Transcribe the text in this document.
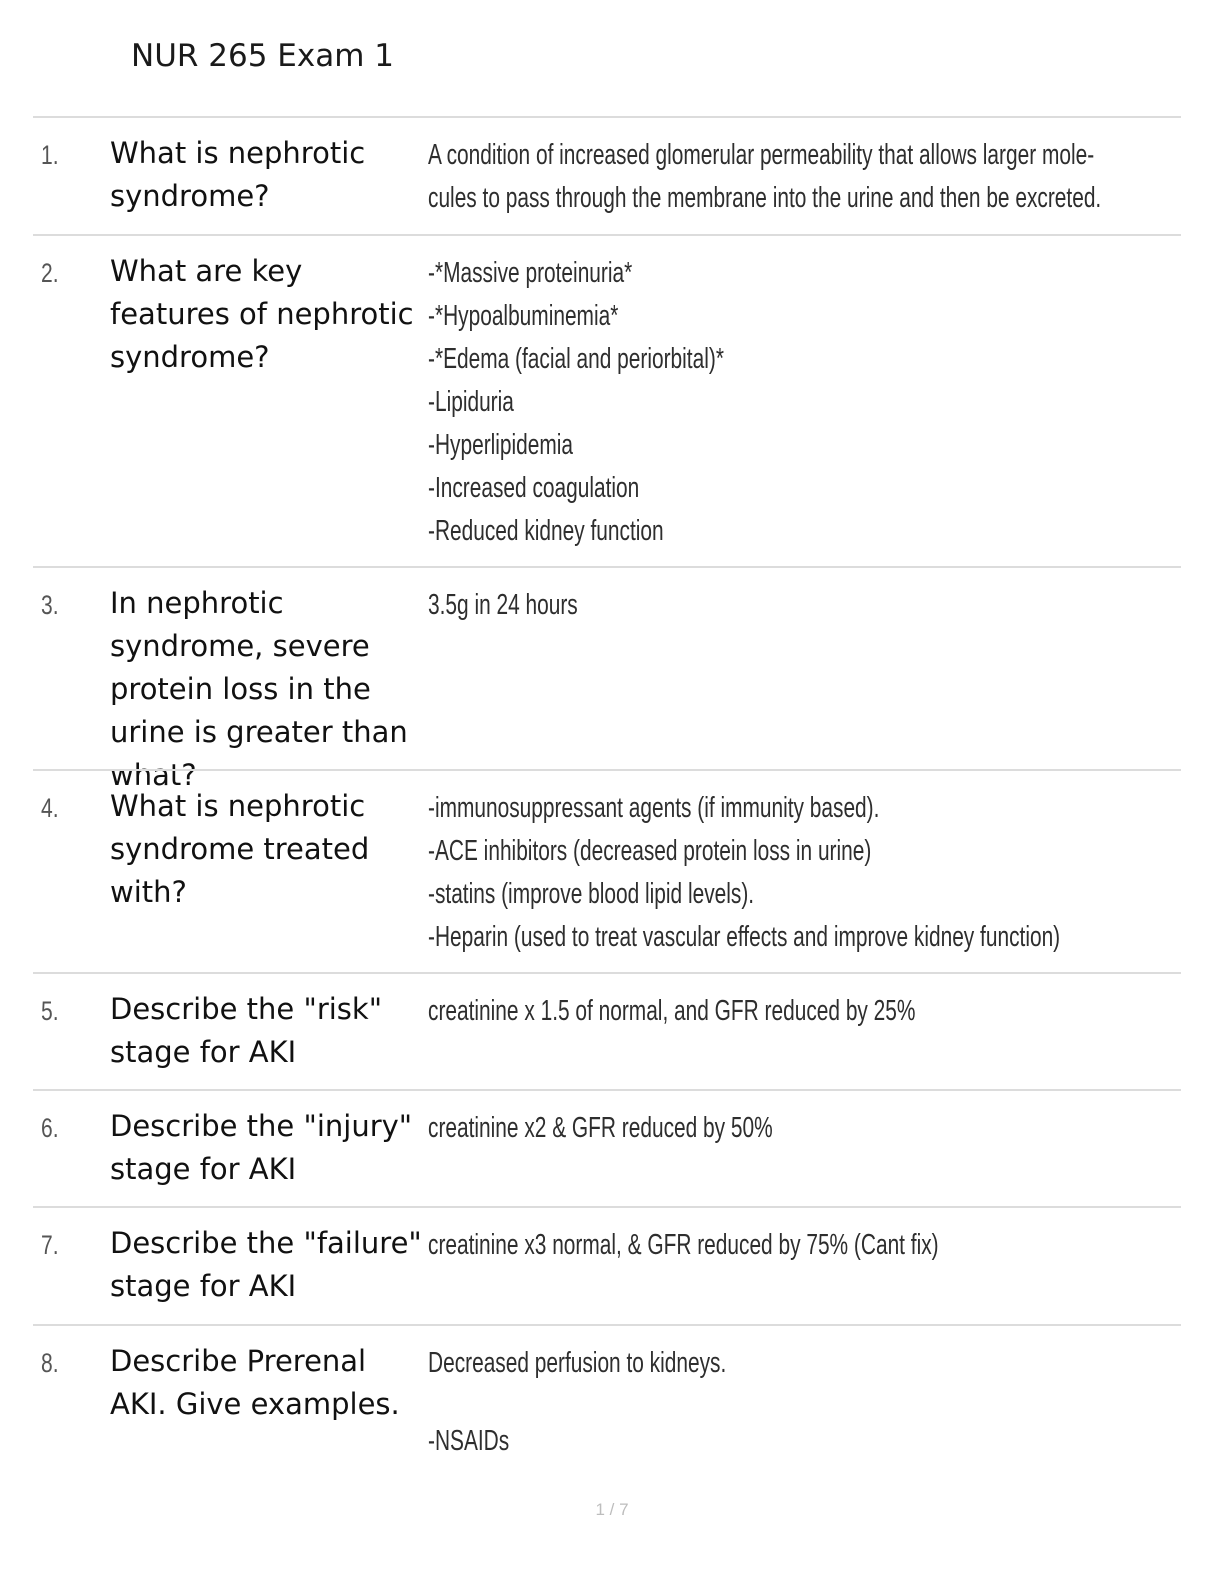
NUR 265 Exam 1
1. What is nephrotic syndrome?
A condition of increased glomerular permeability that allows larger mole-
cules to pass through the membrane into the urine and then be excreted.
2. What are key features of nephrotic syndrome?
-*Massive proteinuria*
-*Hypoalbuminemia*
-*Edema (facial and periorbital)*
-Lipiduria
-Hyperlipidemia
-Increased coagulation
-Reduced kidney function
3. In nephrotic syndrome, severe protein loss in the urine is greater than what?
3.5g in 24 hours
4. What is nephrotic syndrome treated with?
-immunosuppressant agents (if immunity based).
-ACE inhibitors (decreased protein loss in urine)
-statins (improve blood lipid levels).
-Heparin (used to treat vascular effects and improve kidney function)
5. Describe the "risk" stage for AKI
creatinine x 1.5 of normal, and GFR reduced by 25%
6. Describe the "injury" stage for AKI
creatinine x2 & GFR reduced by 50%
7. Describe the "failure" stage for AKI
creatinine x3 normal, & GFR reduced by 75% (Cant fix)
8. Describe Prerenal AKI. Give examples.
Decreased perfusion to kidneys.
-NSAIDs
1 / 7
